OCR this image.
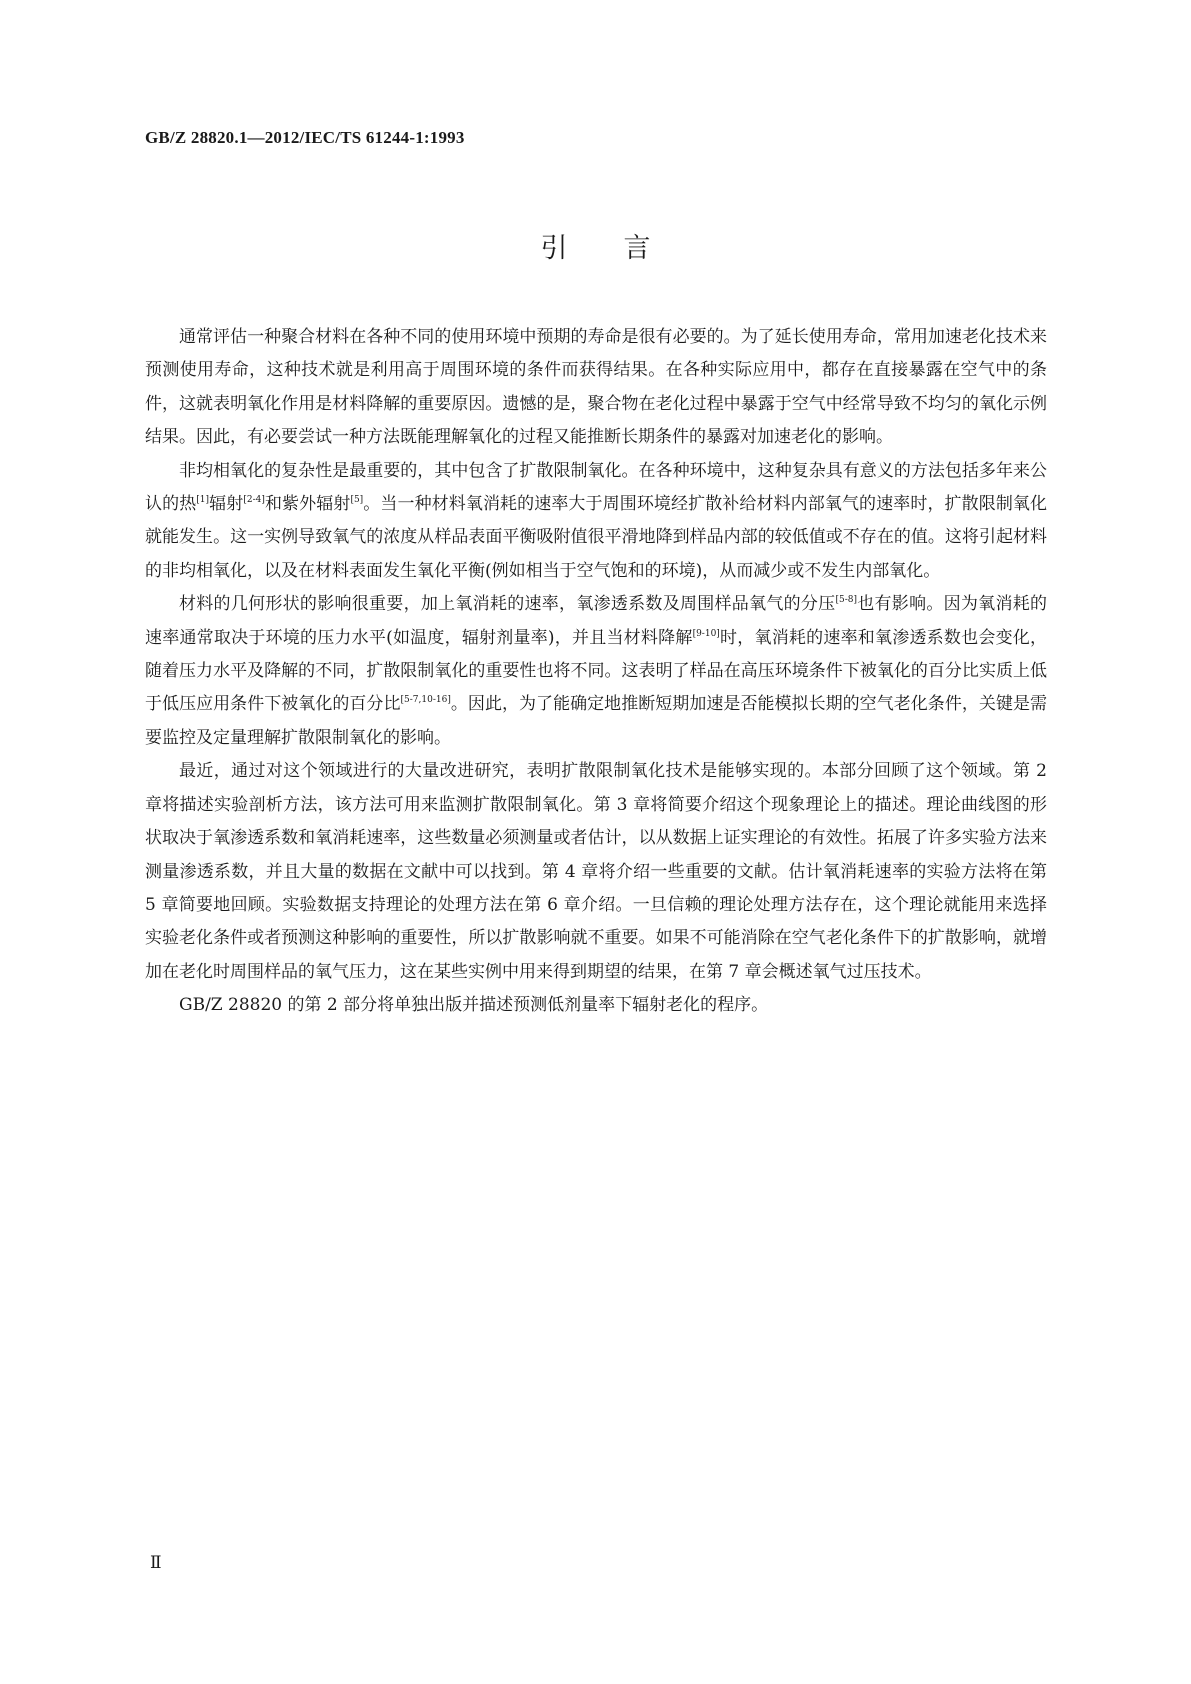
GB/Z 28820.1—2012/IEC/TS 61244-1:1993
引言

通常评估一种聚合材料在各种不同的使用环境中预期的寿命是很有必要的。为了延长使用寿命，常用加速老化技术来预测使用寿命，这种技术就是利用高于周围环境的条件而获得结果。在各种实际应用中，都存在直接暴露在空气中的条件，这就表明氧化作用是材料降解的重要原因。遗憾的是，聚合物在老化过程中暴露于空气中经常导致不均匀的氧化示例结果。因此，有必要尝试一种方法既能理解氧化的过程又能推断长期条件的暴露对加速老化的影响。

非均相氧化的复杂性是最重要的，其中包含了扩散限制氧化。在各种环境中，这种复杂具有意义的方法包括多年来公认的热[1]辐射[2-4]和紫外辐射[5]。当一种材料氧消耗的速率大于周围环境经扩散补给材料内部氧气的速率时，扩散限制氧化就能发生。这一实例导致氧气的浓度从样品表面平衡吸附值很平滑地降到样品内部的较低值或不存在的值。这将引起材料的非均相氧化，以及在材料表面发生氧化平衡(例如相当于空气饱和的环境)，从而减少或不发生内部氧化。

材料的几何形状的影响很重要，加上氧消耗的速率，氧渗透系数及周围样品氧气的分压[5-8]也有影响。因为氧消耗的速率通常取决于环境的压力水平(如温度，辐射剂量率)，并且当材料降解[9-10]时，氧消耗的速率和氧渗透系数也会变化，随着压力水平及降解的不同，扩散限制氧化的重要性也将不同。这表明了样品在高压环境条件下被氧化的百分比实质上低于低压应用条件下被氧化的百分比[5-7,10-16]。因此，为了能确定地推断短期加速是否能模拟长期的空气老化条件，关键是需要监控及定量理解扩散限制氧化的影响。

最近，通过对这个领域进行的大量改进研究，表明扩散限制氧化技术是能够实现的。本部分回顾了这个领域。第 2 章将描述实验剖析方法，该方法可用来监测扩散限制氧化。第 3 章将简要介绍这个现象理论上的描述。理论曲线图的形状取决于氧渗透系数和氧消耗速率，这些数量必须测量或者估计，以从数据上证实理论的有效性。拓展了许多实验方法来测量渗透系数，并且大量的数据在文献中可以找到。第 4 章将介绍一些重要的文献。估计氧消耗速率的实验方法将在第 5 章简要地回顾。实验数据支持理论的处理方法在第 6 章介绍。一旦信赖的理论处理方法存在，这个理论就能用来选择实验老化条件或者预测这种影响的重要性，所以扩散影响就不重要。如果不可能消除在空气老化条件下的扩散影响，就增加在老化时周围样品的氧气压力，这在某些实例中用来得到期望的结果，在第 7 章会概述氧气过压技术。

GB/Z 28820 的第 2 部分将单独出版并描述预测低剂量率下辐射老化的程序。

Ⅱ
